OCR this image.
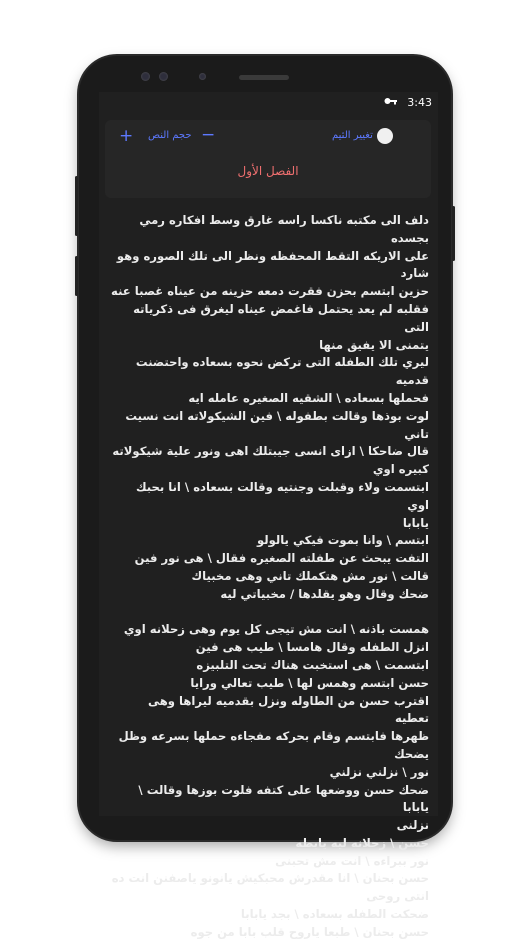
3:43
+ حجم النص −	تغيير الثيم
الفصل الأول

دلف الى مكتبه ناكسا راسه غارق وسط افكاره رمي بجسده

على الاريكه التقط المحفظه ونظر الى تلك الصوره وهو شارد

حزين ابتسم بحزن فقرت دمعه حزينه من عيناه غصبا عنه

فقلبه لم يعد يحتمل فاغمض عيناه ليغرق فى ذكرياته التى

يتمنى الا يفيق منها

ليري تلك الطفله التى تركض نحوه بسعاده واحتضنت قدميه

فحملها بسعاده \ الشقيه الصغيره عامله ايه

لوت بوذها وقالت بطفوله \ فين الشيكولاته انت نسيت تاني

قال ضاحكا \ ازاى انسى جيبتلك اهى ونور علية شيكولاته

كبيره اوي

ابتسمت ولاء وقبلت وجنتيه وقالت بسعاده \ انا بحبك اوي

يابابا

ابتسم \ وانا بموت فيكي يالولو

التفت يبحث عن طفلته الصغيره فقال \ هى نور فين

قالت \ نور مش هتكملك تاني وهى مخبياك

ضحك وقال وهو يقلدها / مخبياتي ليه

همست باذنه \ انت مش تيجى كل يوم وهى زحلانه اوي

انزل الطفله وقال هامسا \ طيب هى فين

ابتسمت \ هى استخبت هناك تحت التلبيزه

حسن ابتسم وهمس لها \ طيب تعالي ورايا

اقترب حسن من الطاوله ونزل بقدميه ليراها وهى تعطيه

ظهرها فابتسم وقام بحركه مفجاءه حملها بسرعه وظل

يضحك

نور \ نزلني نزلني

ضحك حسن ووضعها على كتفه فلوت بوزها وقالت \ يابابا

نزلنى

حسن \ زحلانه ليه يابطه

نور ببراءه \ انت مش تحبنى

حسن بحنان \ انا مقدرش محبكيش يانونو ياصفنن انت ده

انتى روحى

ضحكت الطفله بسعاده \ بجد يابابا

حسن بحنان \ طبعا ياروح قلب بابا من جوه
